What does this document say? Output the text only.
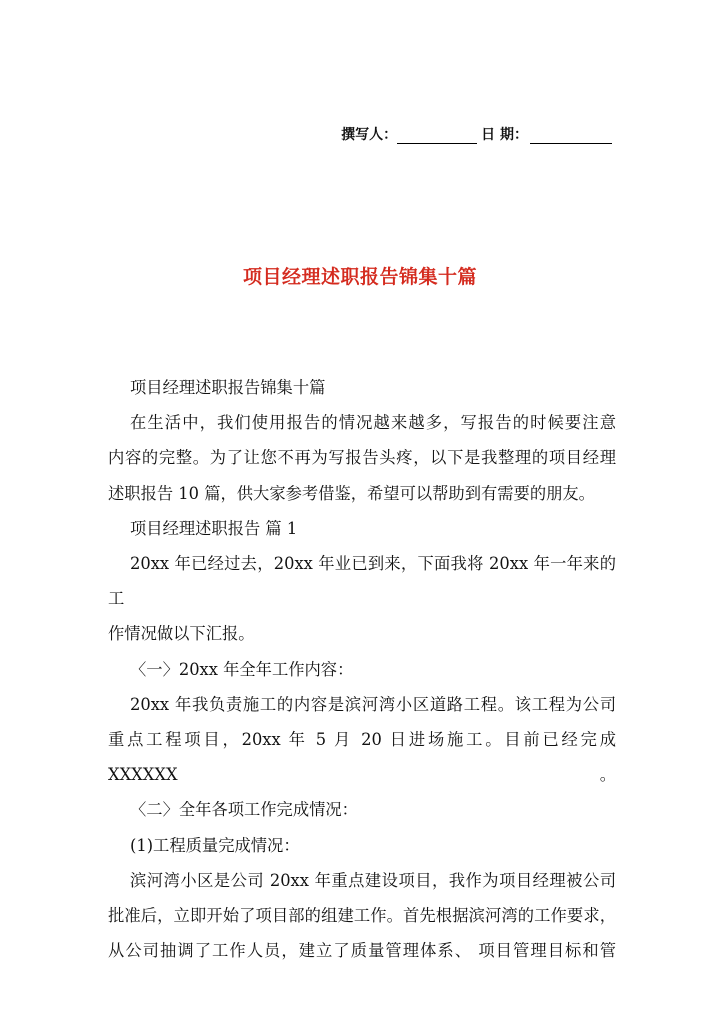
撰写人：	日 期：
项目经理述职报告锦集十篇

项目经理述职报告锦集十篇

在生活中，我们使用报告的情况越来越多，写报告的时候要注意

内容的完整。为了让您不再为写报告头疼，以下是我整理的项目经理

述职报告 10 篇，供大家参考借鉴，希望可以帮助到有需要的朋友。

项目经理述职报告 篇 1

20xx 年已经过去，20xx 年业已到来，下面我将 20xx 年一年来的工

作情况做以下汇报。

〈一〉20xx 年全年工作内容：

20xx 年我负责施工的内容是滨河湾小区道路工程。该工程为公司

重点工程项目，20xx 年 5 月 20 日进场施工。目前已经完成 XXXXXX 。

〈二〉全年各项工作完成情况：

(1)工程质量完成情况：

滨河湾小区是公司 20xx 年重点建设项目，我作为项目经理被公司

批准后，立即开始了项目部的组建工作。首先根据滨河湾的工作要求，

从公司抽调了工作人员，建立了质量管理体系、 项目管理目标和管
